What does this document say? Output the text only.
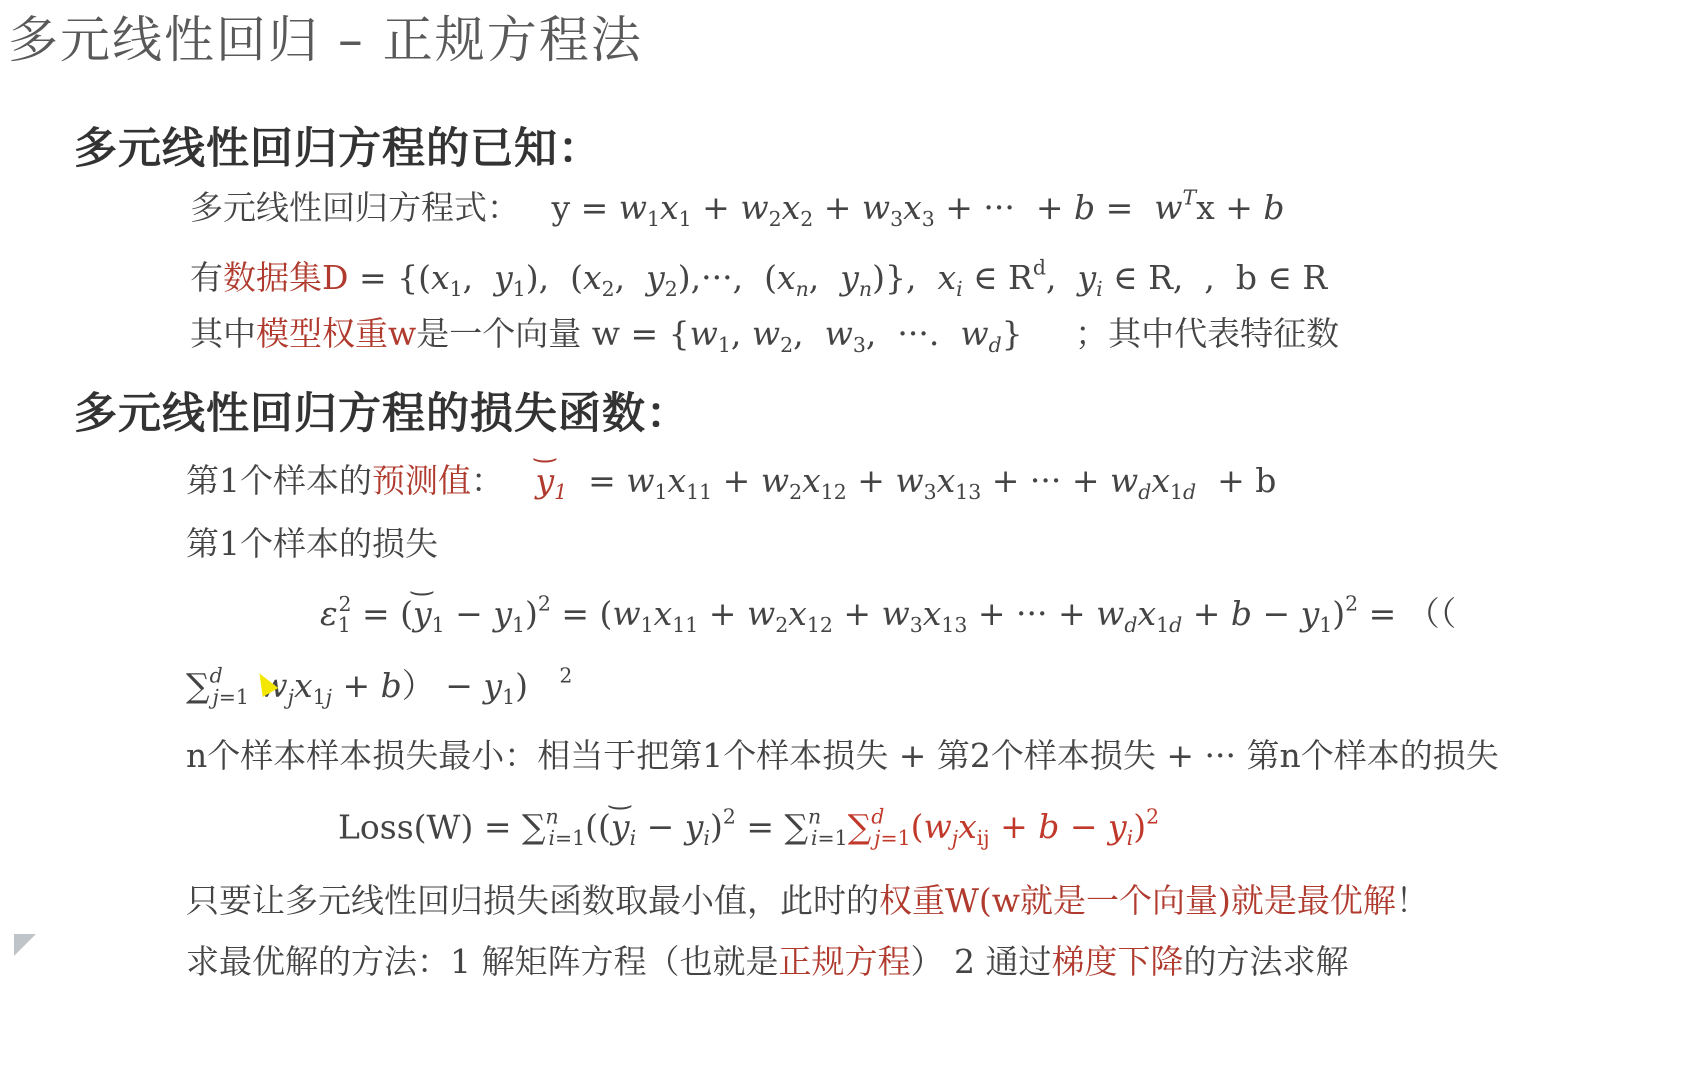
多元线性回归 – 正规方程法
多元线性回归方程的已知：
多元线性回归方程式：   $y = w_1x_1 + w_2x_2 + w_3x_3$ + ···  + $b = w^Tx + b$
有数据集$D = \{(x_1$,  $y_1$),  ($x_2$,  $y_2),\cdot\cdot\cdot$,  ($x_n$,  $y_n$)},  $x_i$ ∈ $R^d$,  $y_i$ ∈ R,  ,  b ∈ R
其中模型权重w是一个向量 $w = \{w_1$, $w_2$,  $w_3$,  ···.  $w_d$}     ；其中代表特征数
多元线性回归方程的损失函数：
第1个样本的预测值：   ⌢ $y_1 = w_1x_{11} + w_2x_{12} + w_3x_{13}$ + ··· + $w_dx_{1d} + b$
第1个样本的损失
$\varepsilon_1^2$ = (⌢ $y_1 - y_1)^2 = (w_1x_{11} + w_2x_{12} + w_3x_{13}$ + ··· + $w_dx_{1d} + b - y_1)^2$ = （（
∑$^d_{j=1}$ $w_jx_{1j} + b) - y_1$)   $^2$
n个样本样本损失最小：相当于把第1个样本损失 + 第2个样本损失 + ··· 第n个样本的损失
Loss(W) = ∑$^n_{i=1}$((⌢ $y_i - y_i)^2 = \sum^n_{i=1}\sum^d_{j=1}(w_jx_{ij} + b - y_i)^2$
只要让多元线性回归损失函数取最小值，此时的权重W(w就是一个向量)就是最优解！
求最优解的方法：1 解矩阵方程（也就是正规方程） 2 通过梯度下降的方法求解
